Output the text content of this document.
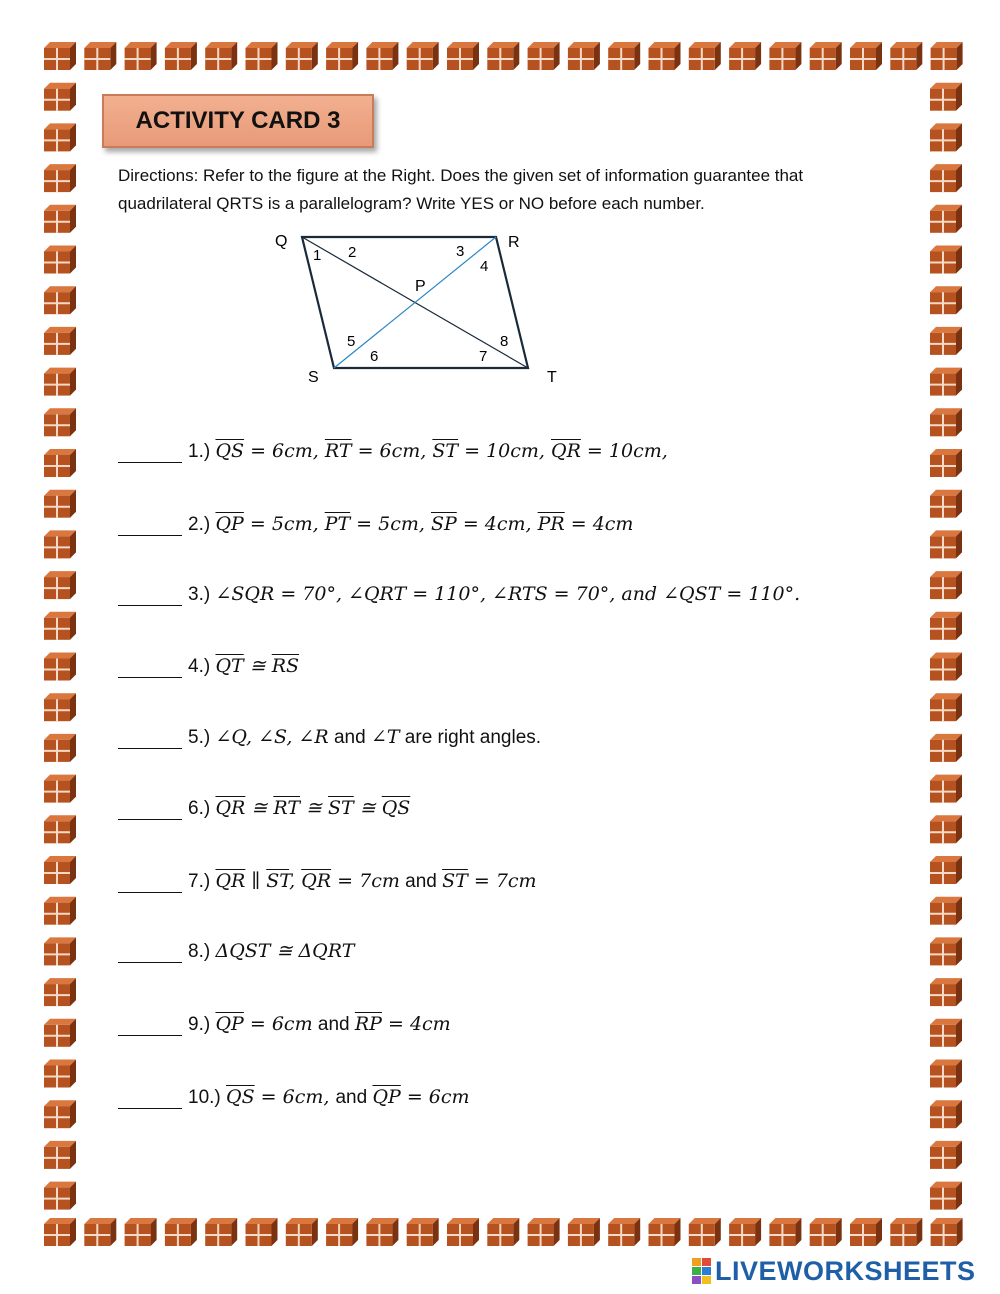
ACTIVITY CARD 3
Directions: Refer to the figure at the Right. Does the given set of information guarantee that quadrilateral QRTS is a parallelogram? Write YES or NO before each number.
Q	R
S	T
P
1 2	3
4
5
6	7
8
1.) $\overline{QS} = 6cm$, $\overline{RT} = 6cm$, $\overline{ST} = 10cm$, $\overline{QR} = 10cm$,
2.) $\overline{QP} = 5cm$, $\overline{PT} = 5cm$, $\overline{SP} = 4cm$, $\overline{PR} = 4cm$
3.) ∠SQR = 70°, ∠QRT = 110°, ∠RTS = 70°, and ∠QST = 110°.
4.) $\overline{QT}$ ≅ $\overline{RS}$
5.) ∠Q, ∠S, ∠R and ∠T are right angles.
6.) $\overline{QR}$ ≅ $\overline{RT}$ ≅ $\overline{ST}$ ≅ $\overline{QS}$
7.) $\overline{QR}$ ∥ $\overline{ST}$, $\overline{QR} = 7cm$ and $\overline{ST} = 7cm$
8.) ΔQST ≅ ΔQRT
9.) $\overline{QP} = 6cm$ and $\overline{RP} = 4cm$
10.) $\overline{QS} = 6cm$, and $\overline{QP} = 6cm$
LIVEWORKSHEETS
